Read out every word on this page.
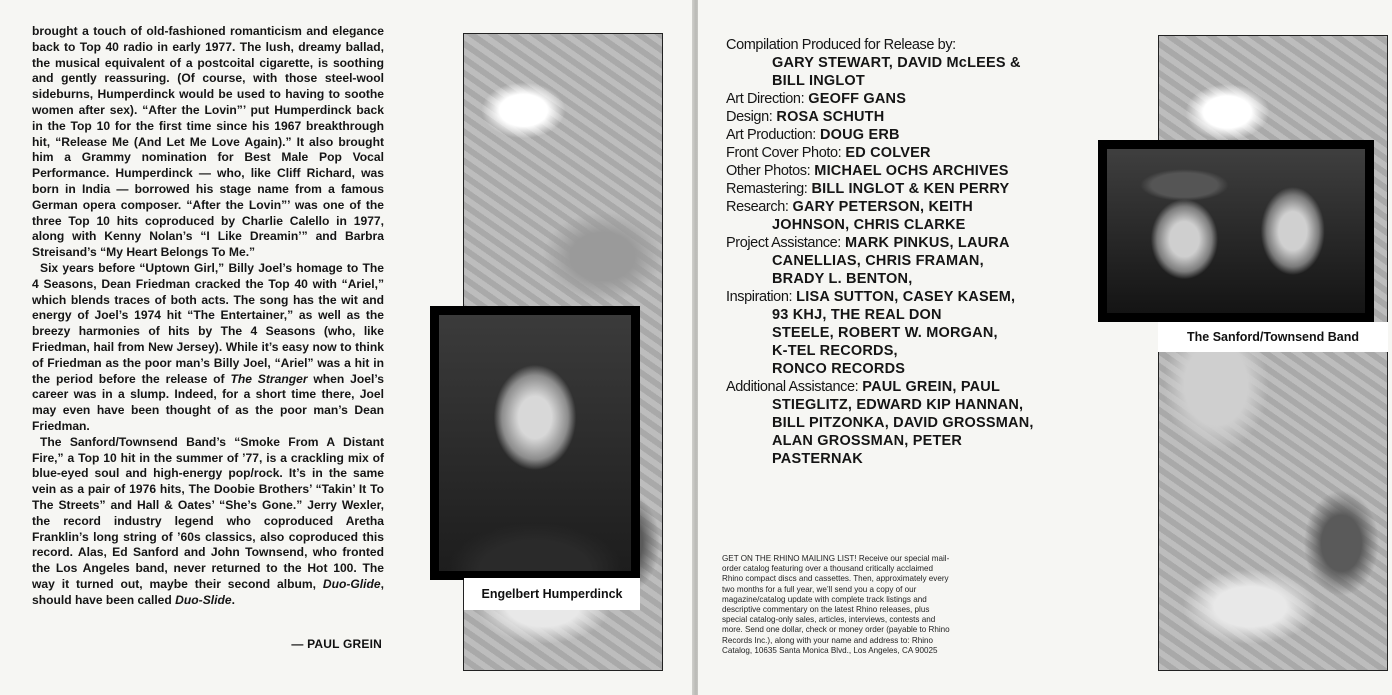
brought a touch of old-fashioned romanticism and elegance back to Top 40 radio in early 1977. The lush, dreamy ballad, the musical equivalent of a postcoital cigarette, is soothing and gently reassuring. (Of course, with those steel-wool sideburns, Humperdinck would be used to having to soothe women after sex). “After the Lovin”’ put Humperdinck back in the Top 10 for the first time since his 1967 breakthrough hit, “Release Me (And Let Me Love Again).” It also brought him a Grammy nomination for Best Male Pop Vocal Performance. Humperdinck — who, like Cliff Richard, was born in India — borrowed his stage name from a famous German opera composer. “After the Lovin”’ was one of the three Top 10 hits coproduced by Charlie Calello in 1977, along with Kenny Nolan’s “I Like Dreamin’” and Barbra Streisand’s “My Heart Belongs To Me.”

Six years before “Uptown Girl,” Billy Joel’s homage to The 4 Seasons, Dean Friedman cracked the Top 40 with “Ariel,” which blends traces of both acts. The song has the wit and energy of Joel’s 1974 hit “The Entertainer,” as well as the breezy harmonies of hits by The 4 Seasons (who, like Friedman, hail from New Jersey). While it’s easy now to think of Friedman as the poor man’s Billy Joel, “Ariel” was a hit in the period before the release of The Stranger when Joel’s career was in a slump. Indeed, for a short time there, Joel may even have been thought of as the poor man’s Dean Friedman.

The Sanford/Townsend Band’s “Smoke From A Distant Fire,” a Top 10 hit in the summer of ’77, is a crackling mix of blue-eyed soul and high-energy pop/rock. It’s in the same vein as a pair of 1976 hits, The Doobie Brothers’ “Takin’ It To The Streets” and Hall & Oates’ “She’s Gone.” Jerry Wexler, the record industry legend who coproduced Aretha Franklin’s long string of ’60s classics, also coproduced this record. Alas, Ed Sanford and John Townsend, who fronted the Los Angeles band, never returned to the Hot 100. The way it turned out, maybe their second album, Duo-Glide, should have been called Duo-Slide.

— PAUL GREIN
Engelbert Humperdinck
Compilation Produced for Release by:
GARY STEWART, DAVID McLEES &
BILL INGLOT
Art Direction: GEOFF GANS
Design: ROSA SCHUTH
Art Production: DOUG ERB
Front Cover Photo: ED COLVER
Other Photos: MICHAEL OCHS ARCHIVES
Remastering: BILL INGLOT & KEN PERRY
Research: GARY PETERSON, KEITH
JOHNSON, CHRIS CLARKE
Project Assistance: MARK PINKUS, LAURA
CANELLIAS, CHRIS FRAMAN,
BRADY L. BENTON,
Inspiration: LISA SUTTON, CASEY KASEM,
93 KHJ, THE REAL DON
STEELE, ROBERT W. MORGAN,
K-TEL RECORDS,
RONCO RECORDS
Additional Assistance: PAUL GREIN, PAUL
STIEGLITZ, EDWARD KIP HANNAN,
BILL PITZONKA, DAVID GROSSMAN,
ALAN GROSSMAN, PETER
PASTERNAK
GET ON THE RHINO MAILING LIST! Receive our special mail-order catalog featuring over a thousand critically acclaimed Rhino compact discs and cassettes. Then, approximately every two months for a full year, we’ll send you a copy of our magazine/catalog update with complete track listings and descriptive commentary on the latest Rhino releases, plus special catalog-only sales, articles, interviews, contests and more. Send one dollar, check or money order (payable to Rhino Records Inc.), along with your name and address to: Rhino Catalog, 10635 Santa Monica Blvd., Los Angeles, CA 90025
The Sanford/Townsend Band
